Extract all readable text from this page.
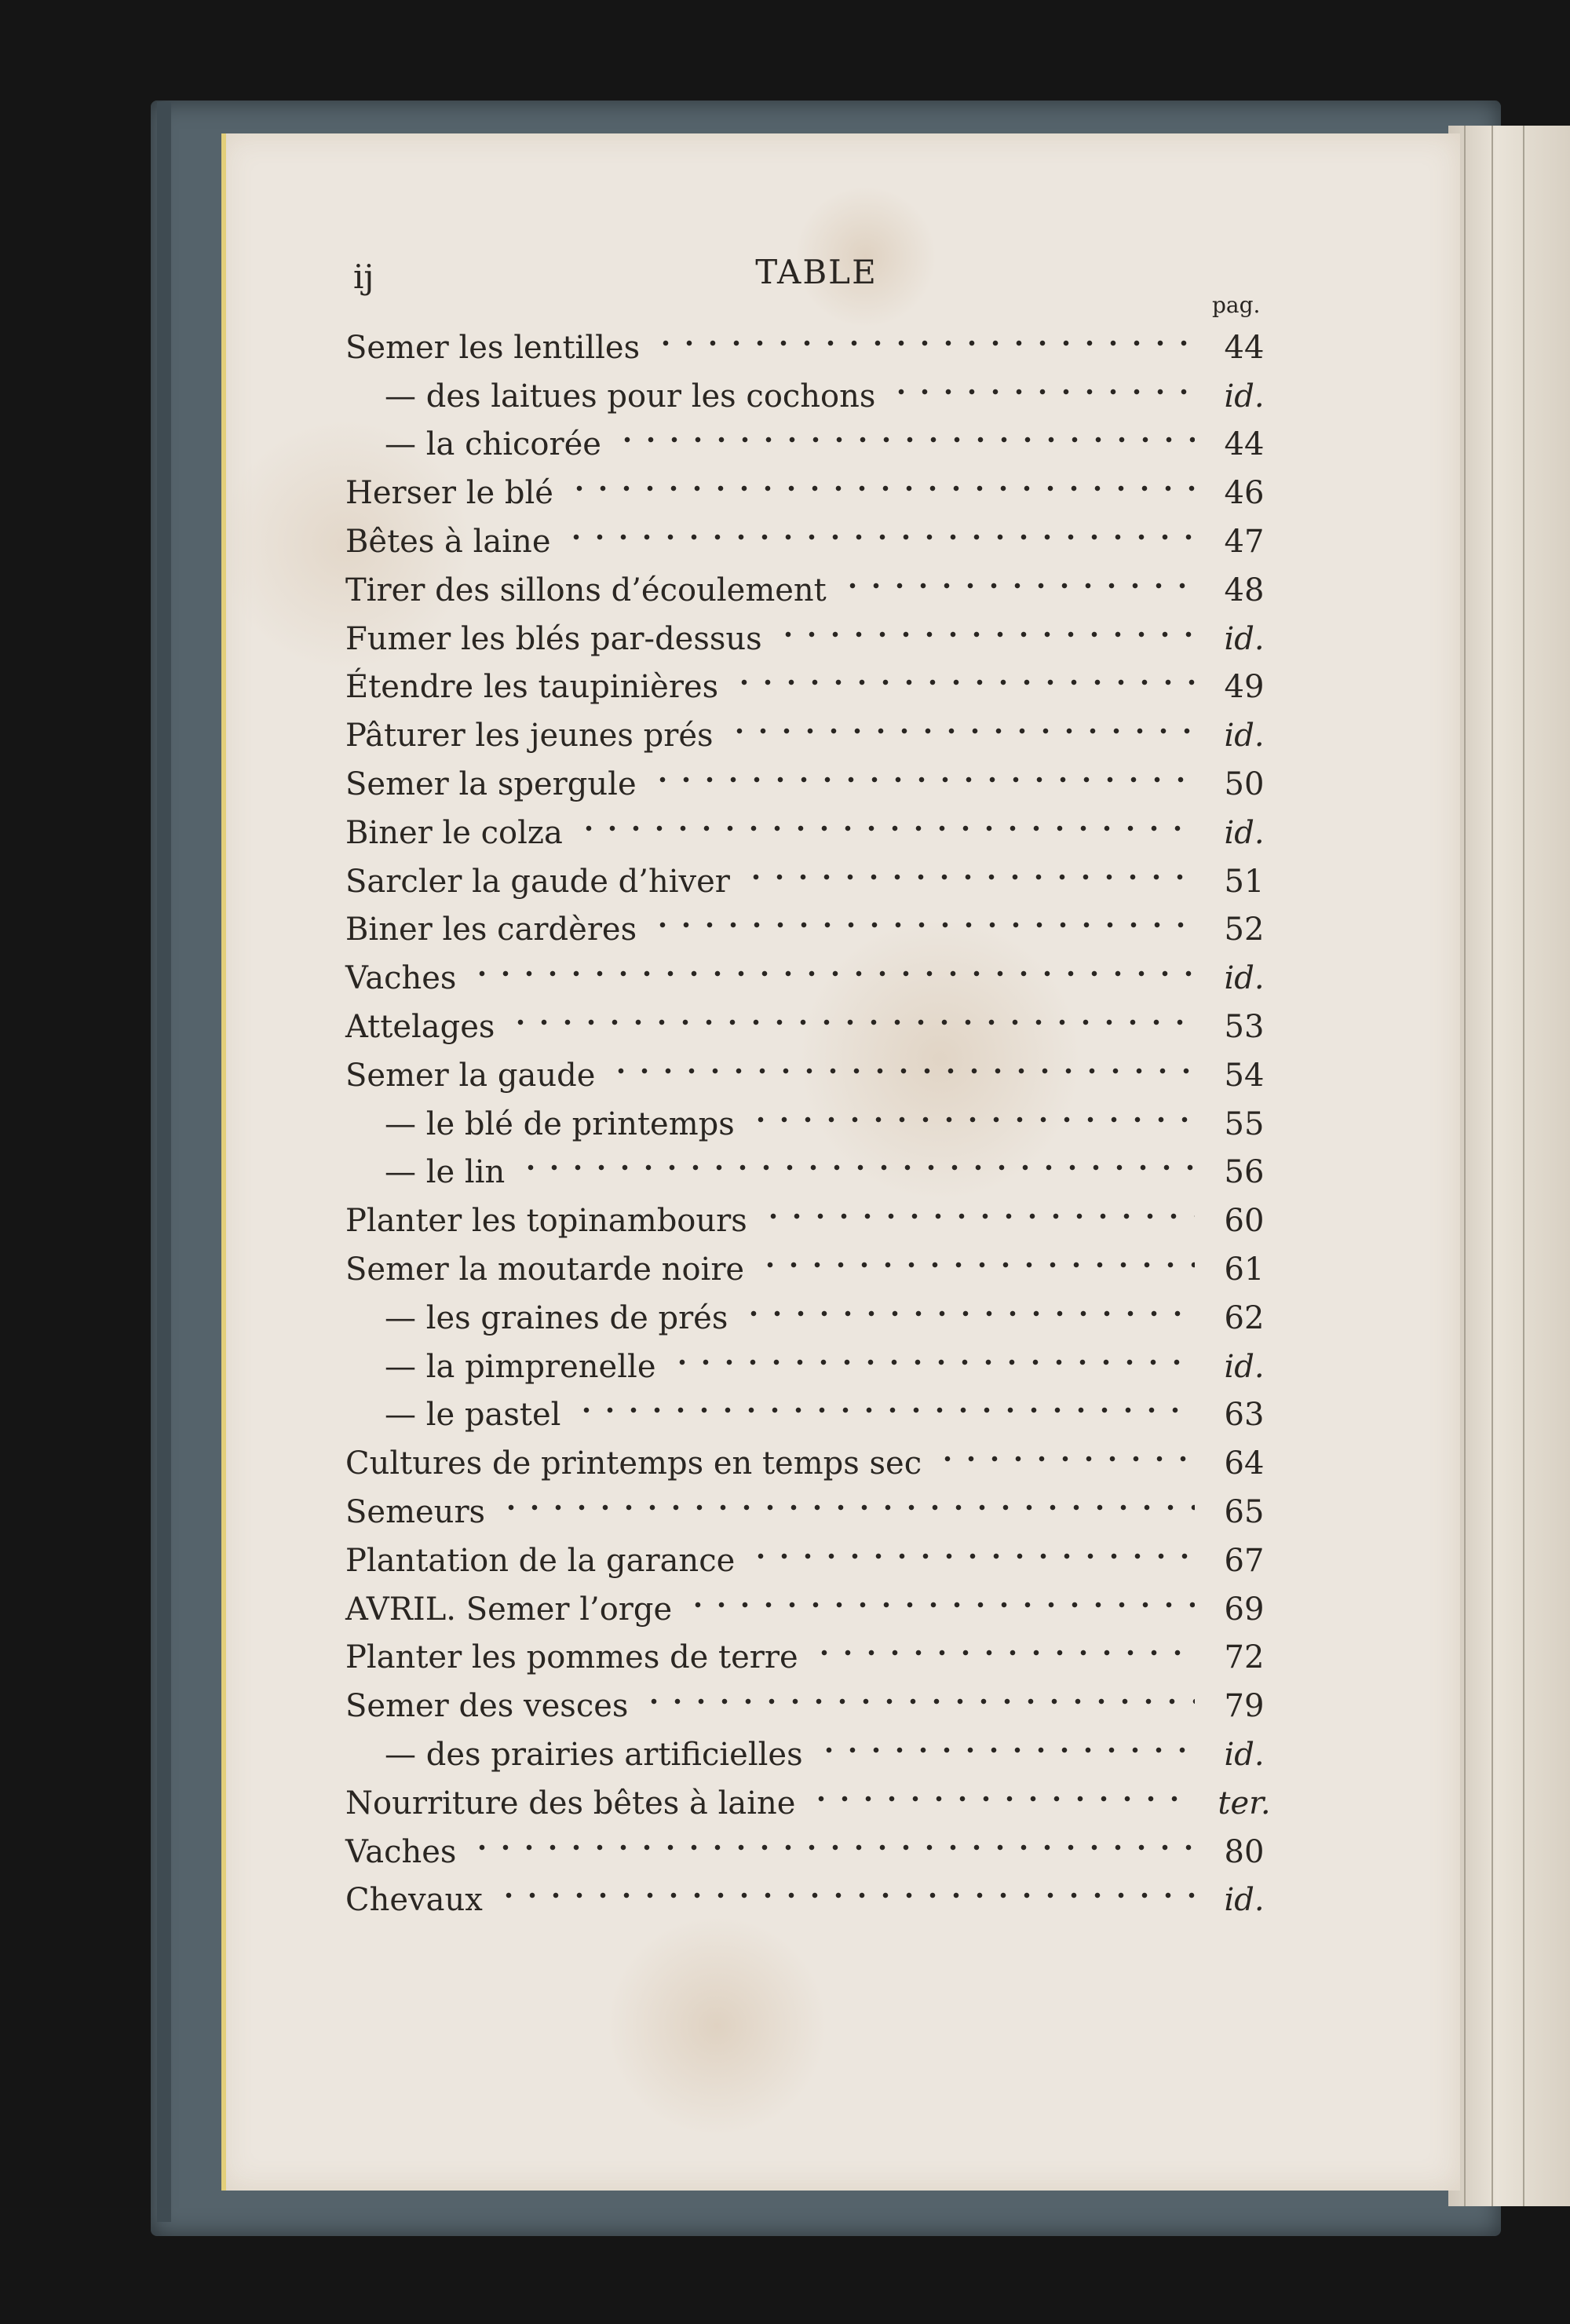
ij	TABLE
pag.
Semer les lentilles	44
— des laitues pour les cochons	id.
— la chicorée	44
Herser le blé	46
Bêtes à laine	47
Tirer des sillons d’écoulement	48
Fumer les blés par-dessus	id.
Étendre les taupinières	49
Pâturer les jeunes prés	id.
Semer la spergule	50
Biner le colza	id.
Sarcler la gaude d’hiver	51
Biner les cardères	52
Vaches	id.
Attelages	53
Semer la gaude	54
— le blé de printemps	55
— le lin	56
Planter les topinambours	60
Semer la moutarde noire	61
— les graines de prés	62
— la pimprenelle	id.
— le pastel	63
Cultures de printemps en temps sec	64
Semeurs	65
Plantation de la garance	67
AVRIL. Semer l’orge	69
Planter les pommes de terre	72
Semer des vesces	79
— des prairies artificielles	id.
Nourriture des bêtes à laine	ter.
Vaches	80
Chevaux	id.
